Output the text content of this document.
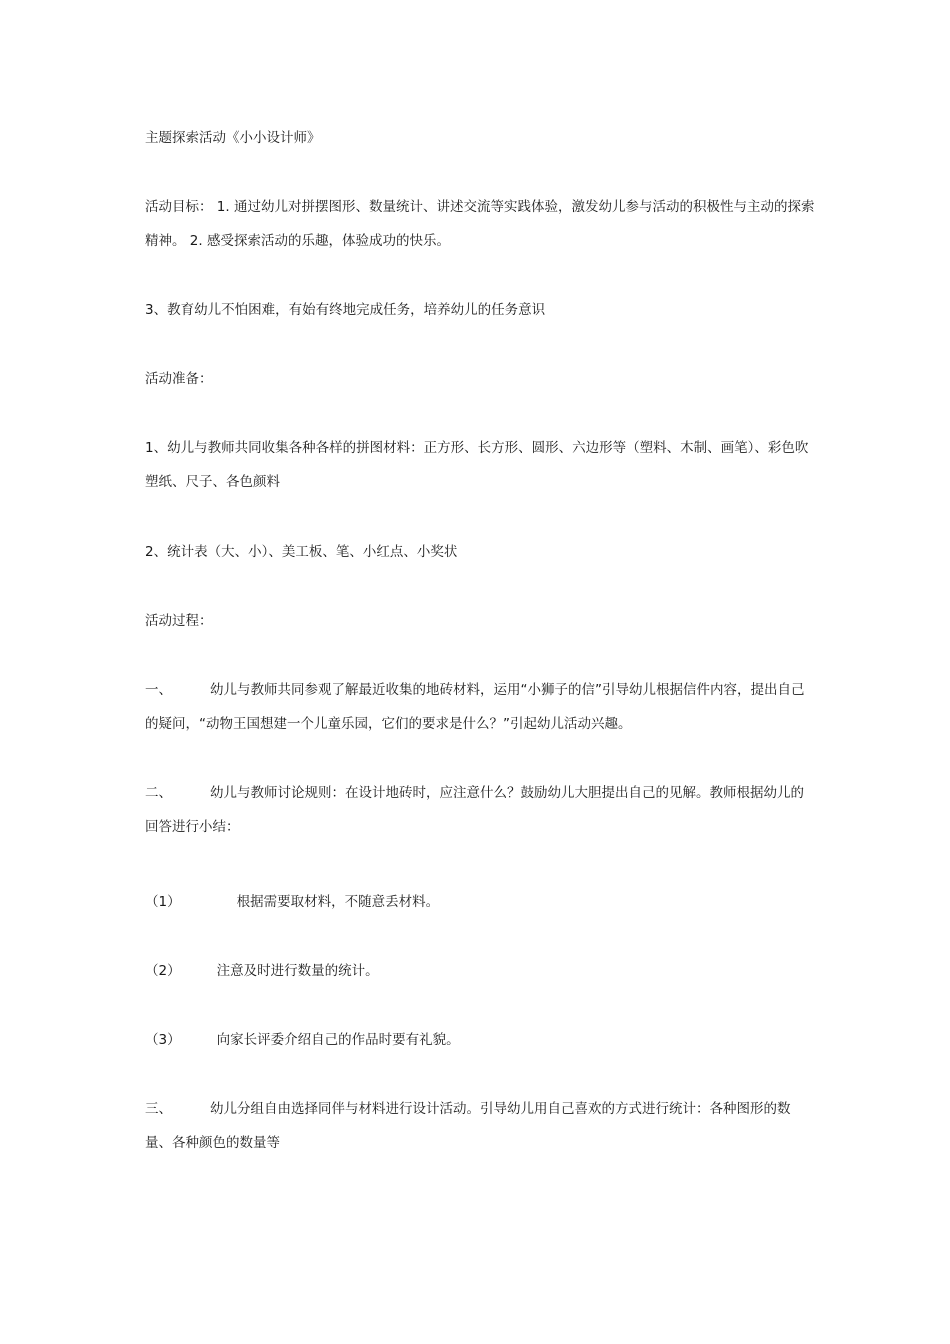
主题探索活动《小小设计师》

活动目标： 1. 通过幼儿对拼摆图形、数量统计、讲述交流等实践体验，激发幼儿参与活动的积极性与主动的探索精神。 2. 感受探索活动的乐趣，体验成功的快乐。

3、教育幼儿不怕困难，有始有终地完成任务，培养幼儿的任务意识

活动准备：

1、幼儿与教师共同收集各种各样的拼图材料：正方形、长方形、圆形、六边形等（塑料、木制、画笔）、彩色吹塑纸、尺子、各色颜料

2、统计表（大、小）、美工板、笔、小红点、小奖状

活动过程：

一、	幼儿与教师共同参观了解最近收集的地砖材料，运用“小狮子的信”引导幼儿根据信件内容，提出自己的疑问，“动物王国想建一个儿童乐园，它们的要求是什么？”引起幼儿活动兴趣。

二、	幼儿与教师讨论规则：在设计地砖时，应注意什么？鼓励幼儿大胆提出自己的见解。教师根据幼儿的回答进行小结：

（1）	根据需要取材料，不随意丢材料。

（2）	注意及时进行数量的统计。

（3）	向家长评委介绍自己的作品时要有礼貌。

三、	幼儿分组自由选择同伴与材料进行设计活动。引导幼儿用自己喜欢的方式进行统计：各种图形的数量、各种颜色的数量等
